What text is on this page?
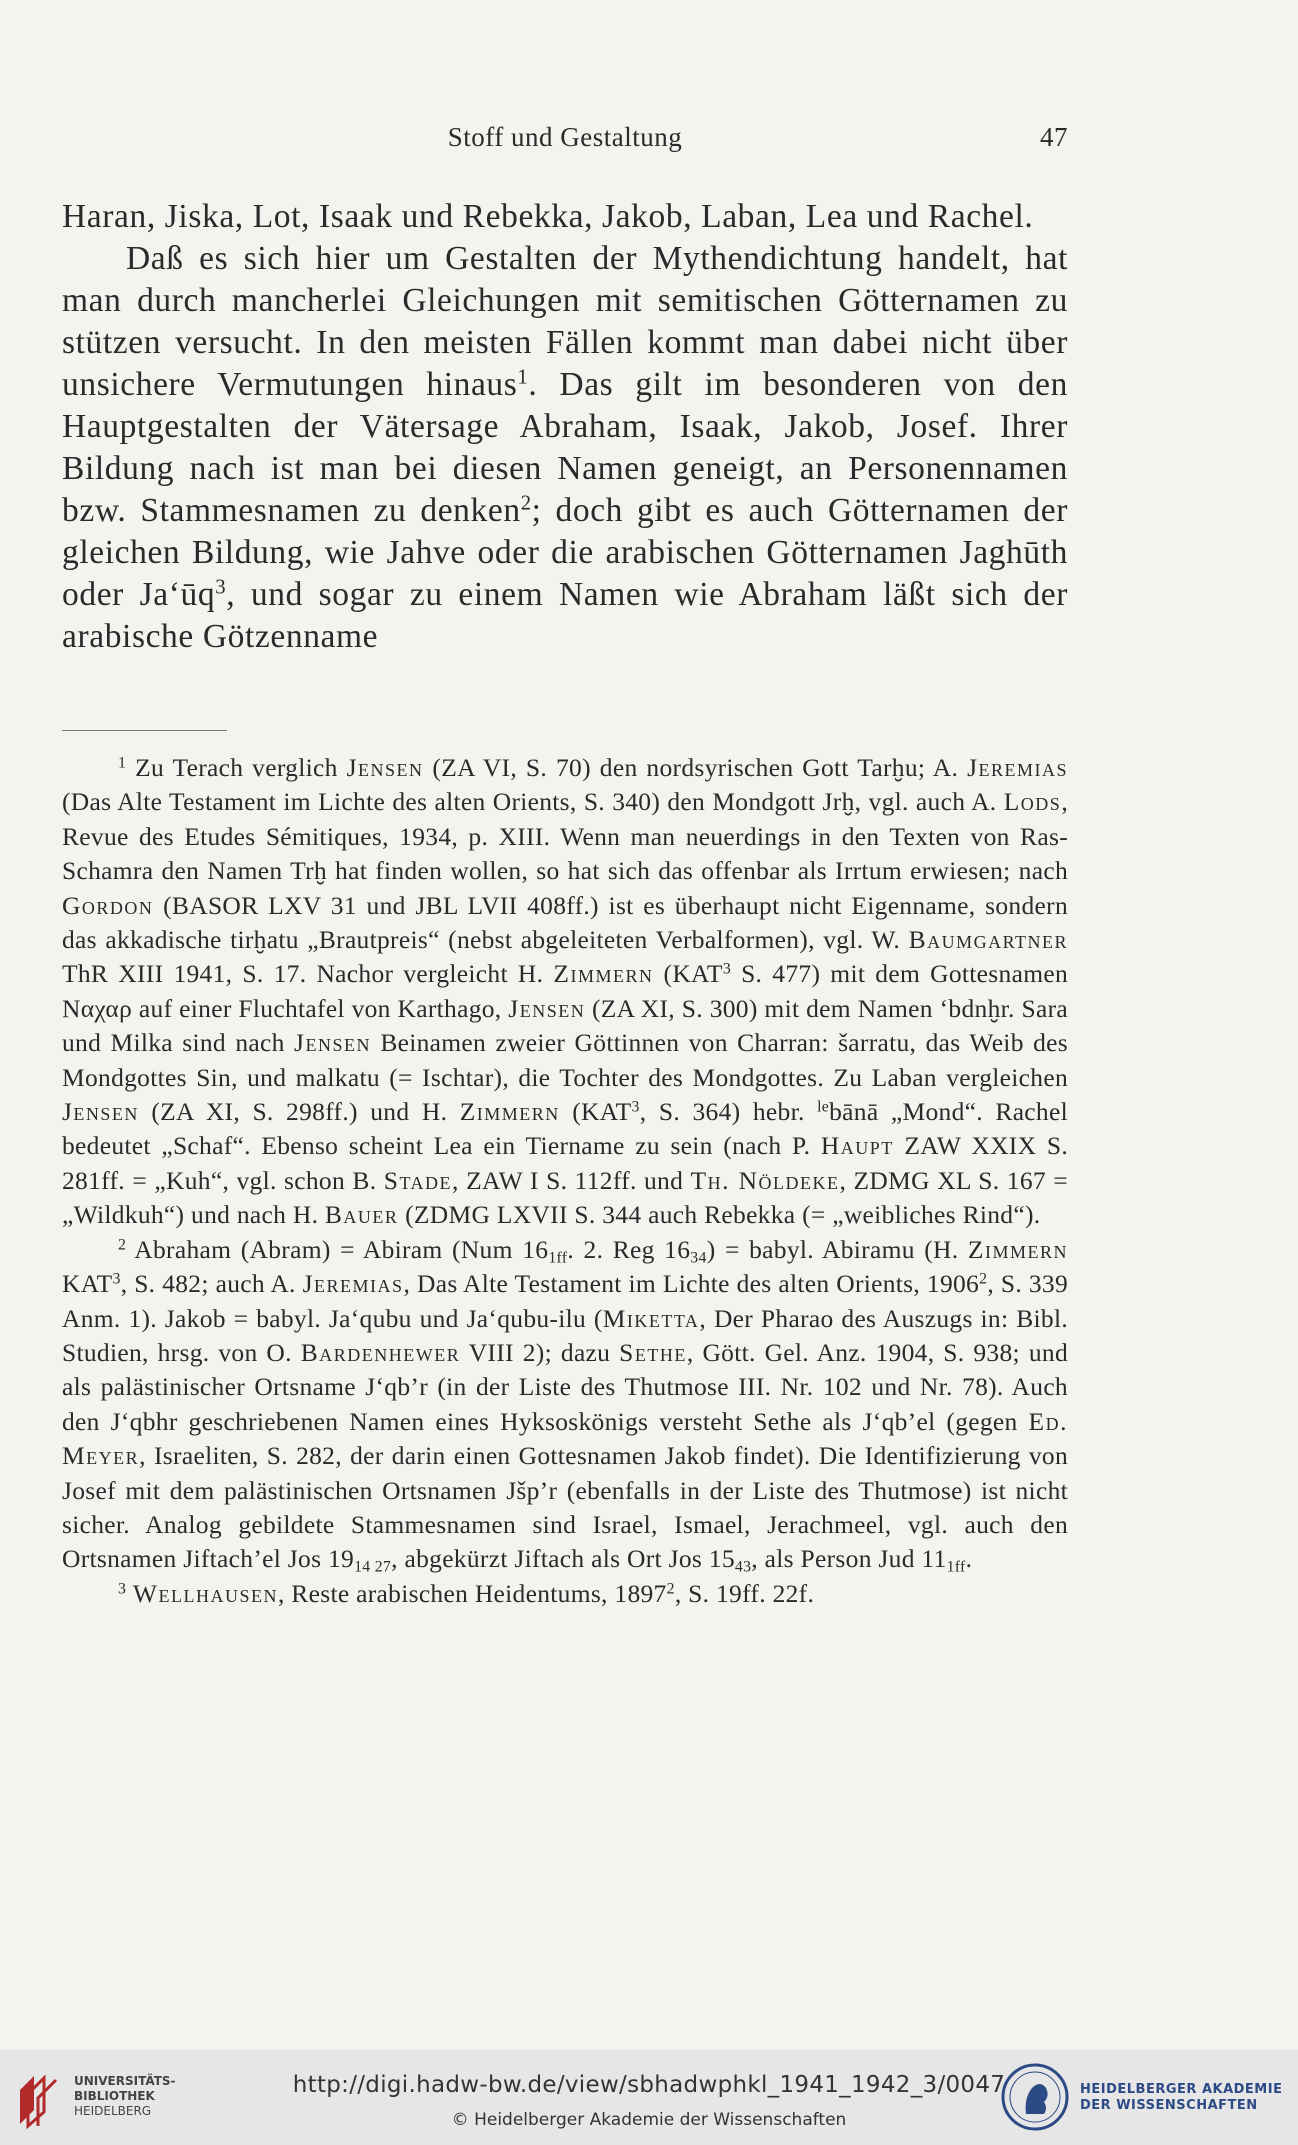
Stoff und Gestaltung	47

Haran, Jiska, Lot, Isaak und Rebekka, Jakob, Laban, Lea und Rachel.

Daß es sich hier um Gestalten der Mythendichtung handelt, hat man durch mancherlei Gleichungen mit semitischen Götternamen zu stützen versucht. In den meisten Fällen kommt man dabei nicht über unsichere Vermutungen hinaus$^1$. Das gilt im besonderen von den Hauptgestalten der Vätersage Abraham, Isaak, Jakob, Josef. Ihrer Bildung nach ist man bei diesen Namen geneigt, an Personennamen bzw. Stammesnamen zu denken$^2$; doch gibt es auch Götternamen der gleichen Bildung, wie Jahve oder die arabischen Götternamen Jaghūth oder $Ja‘ūq^3$, und sogar zu einem Namen wie Abraham läßt sich der arabische Götzenname

$^1$ Zu Terach verglich Jensen (ZA VI, S. 70) den nordsyrischen Gott Tarḫu; A. Jeremias (Das Alte Testament im Lichte des alten Orients, S. 340) den Mondgott Jrḫ, vgl. auch A. Lods, Revue des Etudes Sémitiques, 1934, p. XIII. Wenn man neuerdings in den Texten von Ras-Schamra den Namen Trḫ hat finden wollen, so hat sich das offenbar als Irrtum erwiesen; nach Gordon (BASOR LXV 31 und JBL LVII 408ff.) ist es überhaupt nicht Eigenname, sondern das akkadische tirḫatu „Brautpreis“ (nebst abgeleiteten Verbalformen), vgl. W. Baumgartner ThR XIII 1941, S. 17. Nachor vergleicht H. Zimmern (KAT$^3$ S. 477) mit dem Gottesnamen Ναχαρ auf einer Fluchtafel von Karthago, Jensen (ZA XI, S. 300) mit dem Namen ‘bdnḫr. Sara und Milka sind nach Jensen Beinamen zweier Göttinnen von Charran: šarratu, das Weib des Mondgottes Sin, und malkatu (= Ischtar), die Tochter des Mondgottes. Zu Laban vergleichen Jensen (ZA XI, S. 298ff.) und H. Zimmern (KAT$^3$, S. 364) hebr. $^{le}$bānā „Mond“. Rachel bedeutet „Schaf“. Ebenso scheint Lea ein Tiername zu sein (nach P. Haupt ZAW XXIX S. 281ff. = „Kuh“, vgl. schon B. Stade, ZAW I S. 112ff. und Th. Nöldeke, ZDMG XL S. 167 = „Wildkuh“) und nach H. Bauer (ZDMG LXVII S. 344 auch Rebekka (= „weibliches Rind“).

$^2$ Abraham (Abram) = Abiram (Num $16_{1ff}$. 2. Reg $16_{34}$) = babyl. Abiramu (H. Zimmern KAT$^3$, S. 482; auch A. Jeremias, Das Alte Testament im Lichte des alten Orients, 1906$^2$, S. 339 Anm. 1). Jakob = babyl. Ja‘qubu und Ja‘qubu-ilu (Miketta, Der Pharao des Auszugs in: Bibl. Studien, hrsg. von O. Bardenhewer VIII 2); dazu Sethe, Gött. Gel. Anz. 1904, S. 938; und als palästinischer Ortsname J‘qb’r (in der Liste des Thutmose III. Nr. 102 und Nr. 78). Auch den J‘qbhr geschriebenen Namen eines Hyksoskönigs versteht Sethe als J‘qb’el (gegen Ed. Meyer, Israeliten, S. 282, der darin einen Gottesnamen Jakob findet). Die Identifizierung von Josef mit dem palästinischen Ortsnamen Jšp’r (ebenfalls in der Liste des Thutmose) ist nicht sicher. Analog gebildete Stammesnamen sind Israel, Ismael, Jerachmeel, vgl. auch den Ortsnamen Jiftach’el Jos $19_{14 27}$, abgekürzt Jiftach als Ort Jos $15_{43}$, als Person Jud $11_{1ff}$.

$^3$ Wellhausen, Reste arabischen Heidentums, 1897$^2$, S. 19ff. 22f.

UNIVERSITÄTS-
BIBLIOTHEK
HEIDELBERG
http://digi.hadw-bw.de/view/sbhadwphkl_1941_1942_3/0047
© Heidelberger Akademie der Wissenschaften
HEIDELBERGER AKADEMIE
DER WISSENSCHAFTEN
